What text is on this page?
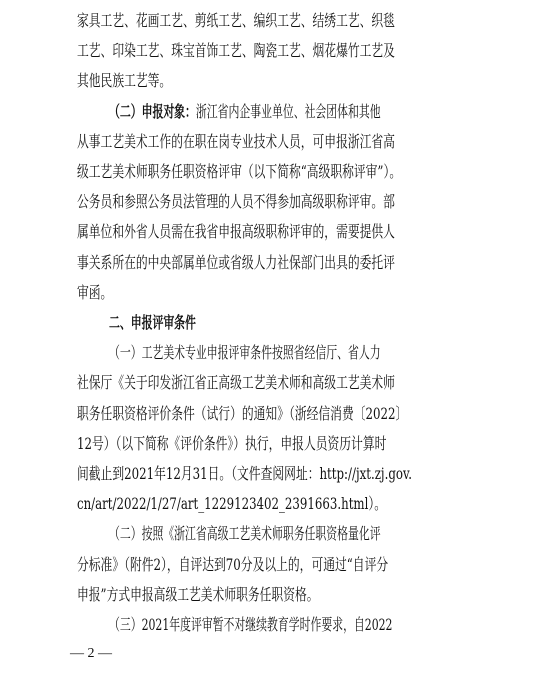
家具工艺、花画工艺、剪纸工艺、编织工艺、结绣工艺、织毯
工艺、印染工艺、珠宝首饰工艺、陶瓷工艺、烟花爆竹工艺及
其他民族工艺等。
（二）申报对象：浙江省内企事业单位、社会团体和其他
从事工艺美术工作的在职在岗专业技术人员，可申报浙江省高
级工艺美术师职务任职资格评审（以下简称“高级职称评审”）。
公务员和参照公务员法管理的人员不得参加高级职称评审。部
属单位和外省人员需在我省申报高级职称评审的，需要提供人
事关系所在的中央部属单位或省级人力社保部门出具的委托评
审函。
二、申报评审条件
（一）工艺美术专业申报评审条件按照省经信厅、省人力
社保厅《关于印发浙江省正高级工艺美术师和高级工艺美术师
职务任职资格评价条件（试行）的通知》（浙经信消费〔2022〕
12号）（以下简称《评价条件》）执行，申报人员资历计算时
间截止到2021年12月31日。（文件查阅网址：http://jxt.zj.gov.
cn/art/2022/1/27/art_1229123402_2391663.html）。
（二）按照《浙江省高级工艺美术师职务任职资格量化评
分标准》（附件2），自评达到70分及以上的，可通过“自评分
申报”方式申报高级工艺美术师职务任职资格。
（三）2021年度评审暂不对继续教育学时作要求，自2022
— 2 —
